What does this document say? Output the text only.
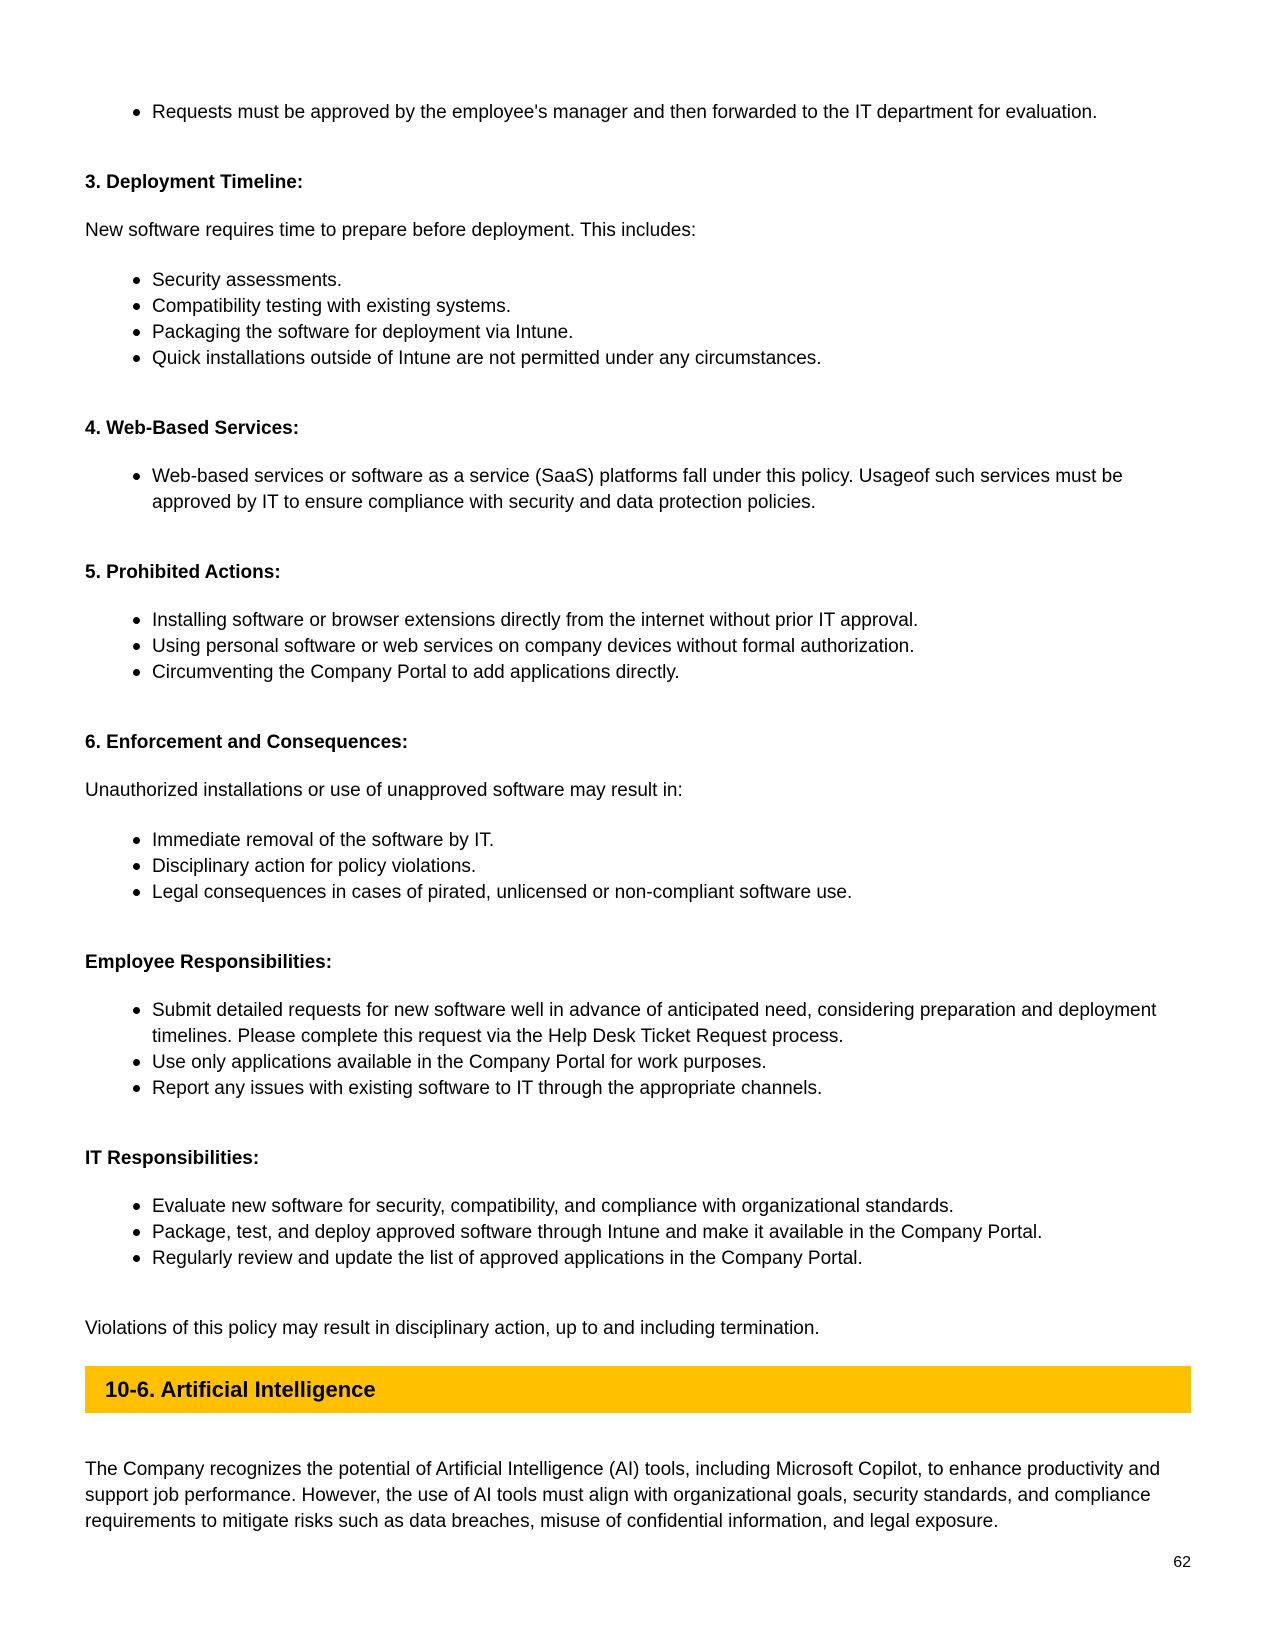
Requests must be approved by the employee's manager and then forwarded to the IT department for evaluation.
3. Deployment Timeline:

New software requires time to prepare before deployment. This includes:

Security assessments.
Compatibility testing with existing systems.
Packaging the software for deployment via Intune.
Quick installations outside of Intune are not permitted under any circumstances.
4. Web-Based Services:
Web-based services or software as a service (SaaS) platforms fall under this policy. Usageof such services must be approved by IT to ensure compliance with security and data protection policies.
5. Prohibited Actions:
Installing software or browser extensions directly from the internet without prior IT approval.
Using personal software or web services on company devices without formal authorization.
Circumventing the Company Portal to add applications directly.
6. Enforcement and Consequences:

Unauthorized installations or use of unapproved software may result in:

Immediate removal of the software by IT.
Disciplinary action for policy violations.
Legal consequences in cases of pirated, unlicensed or non-compliant software use.
Employee Responsibilities:
Submit detailed requests for new software well in advance of anticipated need, considering preparation and deployment timelines. Please complete this request via the Help Desk Ticket Request process.
Use only applications available in the Company Portal for work purposes.
Report any issues with existing software to IT through the appropriate channels.
IT Responsibilities:
Evaluate new software for security, compatibility, and compliance with organizational standards.
Package, test, and deploy approved software through Intune and make it available in the Company Portal.
Regularly review and update the list of approved applications in the Company Portal.

Violations of this policy may result in disciplinary action, up to and including termination.

10-6. Artificial Intelligence

The Company recognizes the potential of Artificial Intelligence (AI) tools, including Microsoft Copilot, to enhance productivity and support job performance. However, the use of AI tools must align with organizational goals, security standards, and compliance requirements to mitigate risks such as data breaches, misuse of confidential information, and legal exposure.

62
